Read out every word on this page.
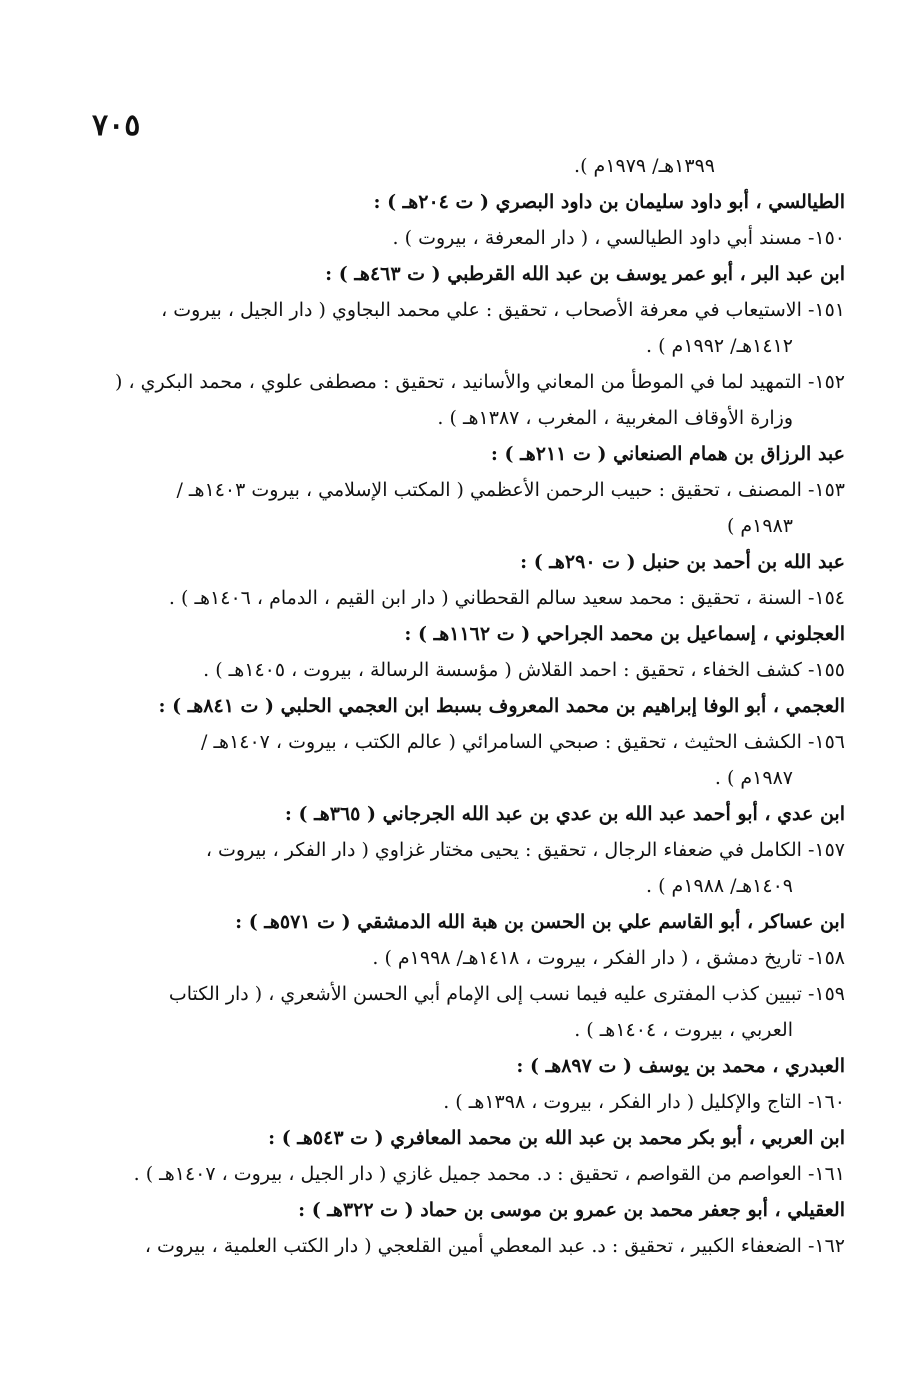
٧٠٥
١٣٩٩هـ/ ١٩٧٩م ).
الطيالسي ، أبو داود سليمان بن داود البصري ( ت ٢٠٤هـ ) :
١٥٠- مسند أبي داود الطيالسي ، ( دار المعرفة ، بيروت ) .
ابن عبد البر ، أبو عمر يوسف بن عبد الله القرطبي ( ت ٤٦٣هـ ) :
١٥١- الاستيعاب في معرفة الأصحاب ، تحقيق : علي محمد البجاوي ( دار الجيل ، بيروت ،
١٤١٢هـ/ ١٩٩٢م ) .
١٥٢- التمهيد لما في الموطأ من المعاني والأسانيد ، تحقيق : مصطفى علوي ، محمد البكري ، (
وزارة الأوقاف المغربية ، المغرب ، ١٣٨٧هـ ) .
عبد الرزاق بن همام الصنعاني ( ت ٢١١هـ ) :
١٥٣- المصنف ، تحقيق : حبيب الرحمن الأعظمي ( المكتب الإسلامي ، بيروت ١٤٠٣هـ /
١٩٨٣م )
عبد الله بن أحمد بن حنبل ( ت ٢٩٠هـ ) :
١٥٤- السنة ، تحقيق : محمد سعيد سالم القحطاني ( دار ابن القيم ، الدمام ، ١٤٠٦هـ ) .
العجلوني ، إسماعيل بن محمد الجراحي ( ت ١١٦٢هـ ) :
١٥٥- كشف الخفاء ، تحقيق : احمد القلاش ( مؤسسة الرسالة ، بيروت ، ١٤٠٥هـ ) .
العجمي ، أبو الوفا إبراهيم بن محمد المعروف بسبط ابن العجمي الحلبي ( ت ٨٤١هـ ) :
١٥٦- الكشف الحثيث ، تحقيق : صبحي السامرائي ( عالم الكتب ، بيروت ، ١٤٠٧هـ /
١٩٨٧م ) .
ابن عدي ، أبو أحمد عبد الله بن عدي بن عبد الله الجرجاني ( ٣٦٥هـ ) :
١٥٧- الكامل في ضعفاء الرجال ، تحقيق : يحيى مختار غزاوي ( دار الفكر ، بيروت ،
١٤٠٩هـ/ ١٩٨٨م ) .
ابن عساكر ، أبو القاسم علي بن الحسن بن هبة الله الدمشقي ( ت ٥٧١هـ ) :
١٥٨- تاريخ دمشق ، ( دار الفكر ، بيروت ، ١٤١٨هـ/ ١٩٩٨م ) .
١٥٩- تبيين كذب المفترى عليه فيما نسب إلى الإمام أبي الحسن الأشعري ، ( دار الكتاب
العربي ، بيروت ، ١٤٠٤هـ ) .
العبدري ، محمد بن يوسف ( ت ٨٩٧هـ ) :
١٦٠- التاج والإكليل ( دار الفكر ، بيروت ، ١٣٩٨هـ ) .
ابن العربي ، أبو بكر محمد بن عبد الله بن محمد المعافري ( ت ٥٤٣هـ ) :
١٦١- العواصم من القواصم ، تحقيق : د. محمد جميل غازي ( دار الجيل ، بيروت ، ١٤٠٧هـ ) .
العقيلي ، أبو جعفر محمد بن عمرو بن موسى بن حماد ( ت ٣٢٢هـ ) :
١٦٢- الضعفاء الكبير ، تحقيق : د. عبد المعطي أمين القلعجي ( دار الكتب العلمية ، بيروت ،
